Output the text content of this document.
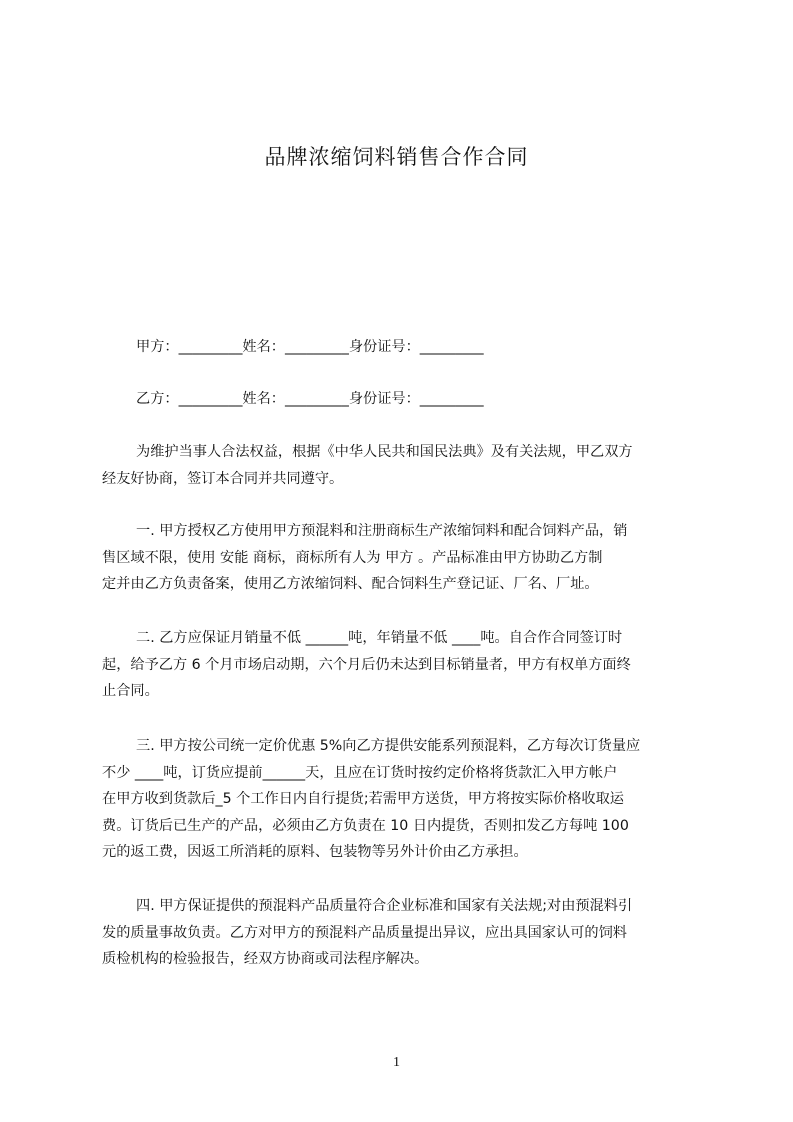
品牌浓缩饲料销售合作合同
甲方：_________姓名：_________身份证号：_________
乙方：_________姓名：_________身份证号：_________
为维护当事人合法权益，根据《中华人民共和国民法典》及有关法规，甲乙双方
经友好协商，签订本合同并共同遵守。
一. 甲方授权乙方使用甲方预混料和注册商标生产浓缩饲料和配合饲料产品，销
售区域不限，使用 安能 商标，商标所有人为 甲方 。产品标准由甲方协助乙方制
定并由乙方负责备案，使用乙方浓缩饲料、配合饲料生产登记证、厂名、厂址。
二. 乙方应保证月销量不低 ______吨，年销量不低 ____吨。自合作合同签订时
起，给予乙方 6 个月市场启动期，六个月后仍未达到目标销量者，甲方有权单方面终
止合同。
三. 甲方按公司统一定价优惠 5%向乙方提供安能系列预混料，乙方每次订货量应
不少 ____吨，订货应提前______天，且应在订货时按约定价格将货款汇入甲方帐户
在甲方收到货款后_5 个工作日内自行提货;若需甲方送货，甲方将按实际价格收取运
费。订货后已生产的产品，必须由乙方负责在 10 日内提货，否则扣发乙方每吨 100
元的返工费，因返工所消耗的原料、包装物等另外计价由乙方承担。
四. 甲方保证提供的预混料产品质量符合企业标准和国家有关法规;对由预混料引
发的质量事故负责。乙方对甲方的预混料产品质量提出异议，应出具国家认可的饲料
质检机构的检验报告，经双方协商或司法程序解决。
1
